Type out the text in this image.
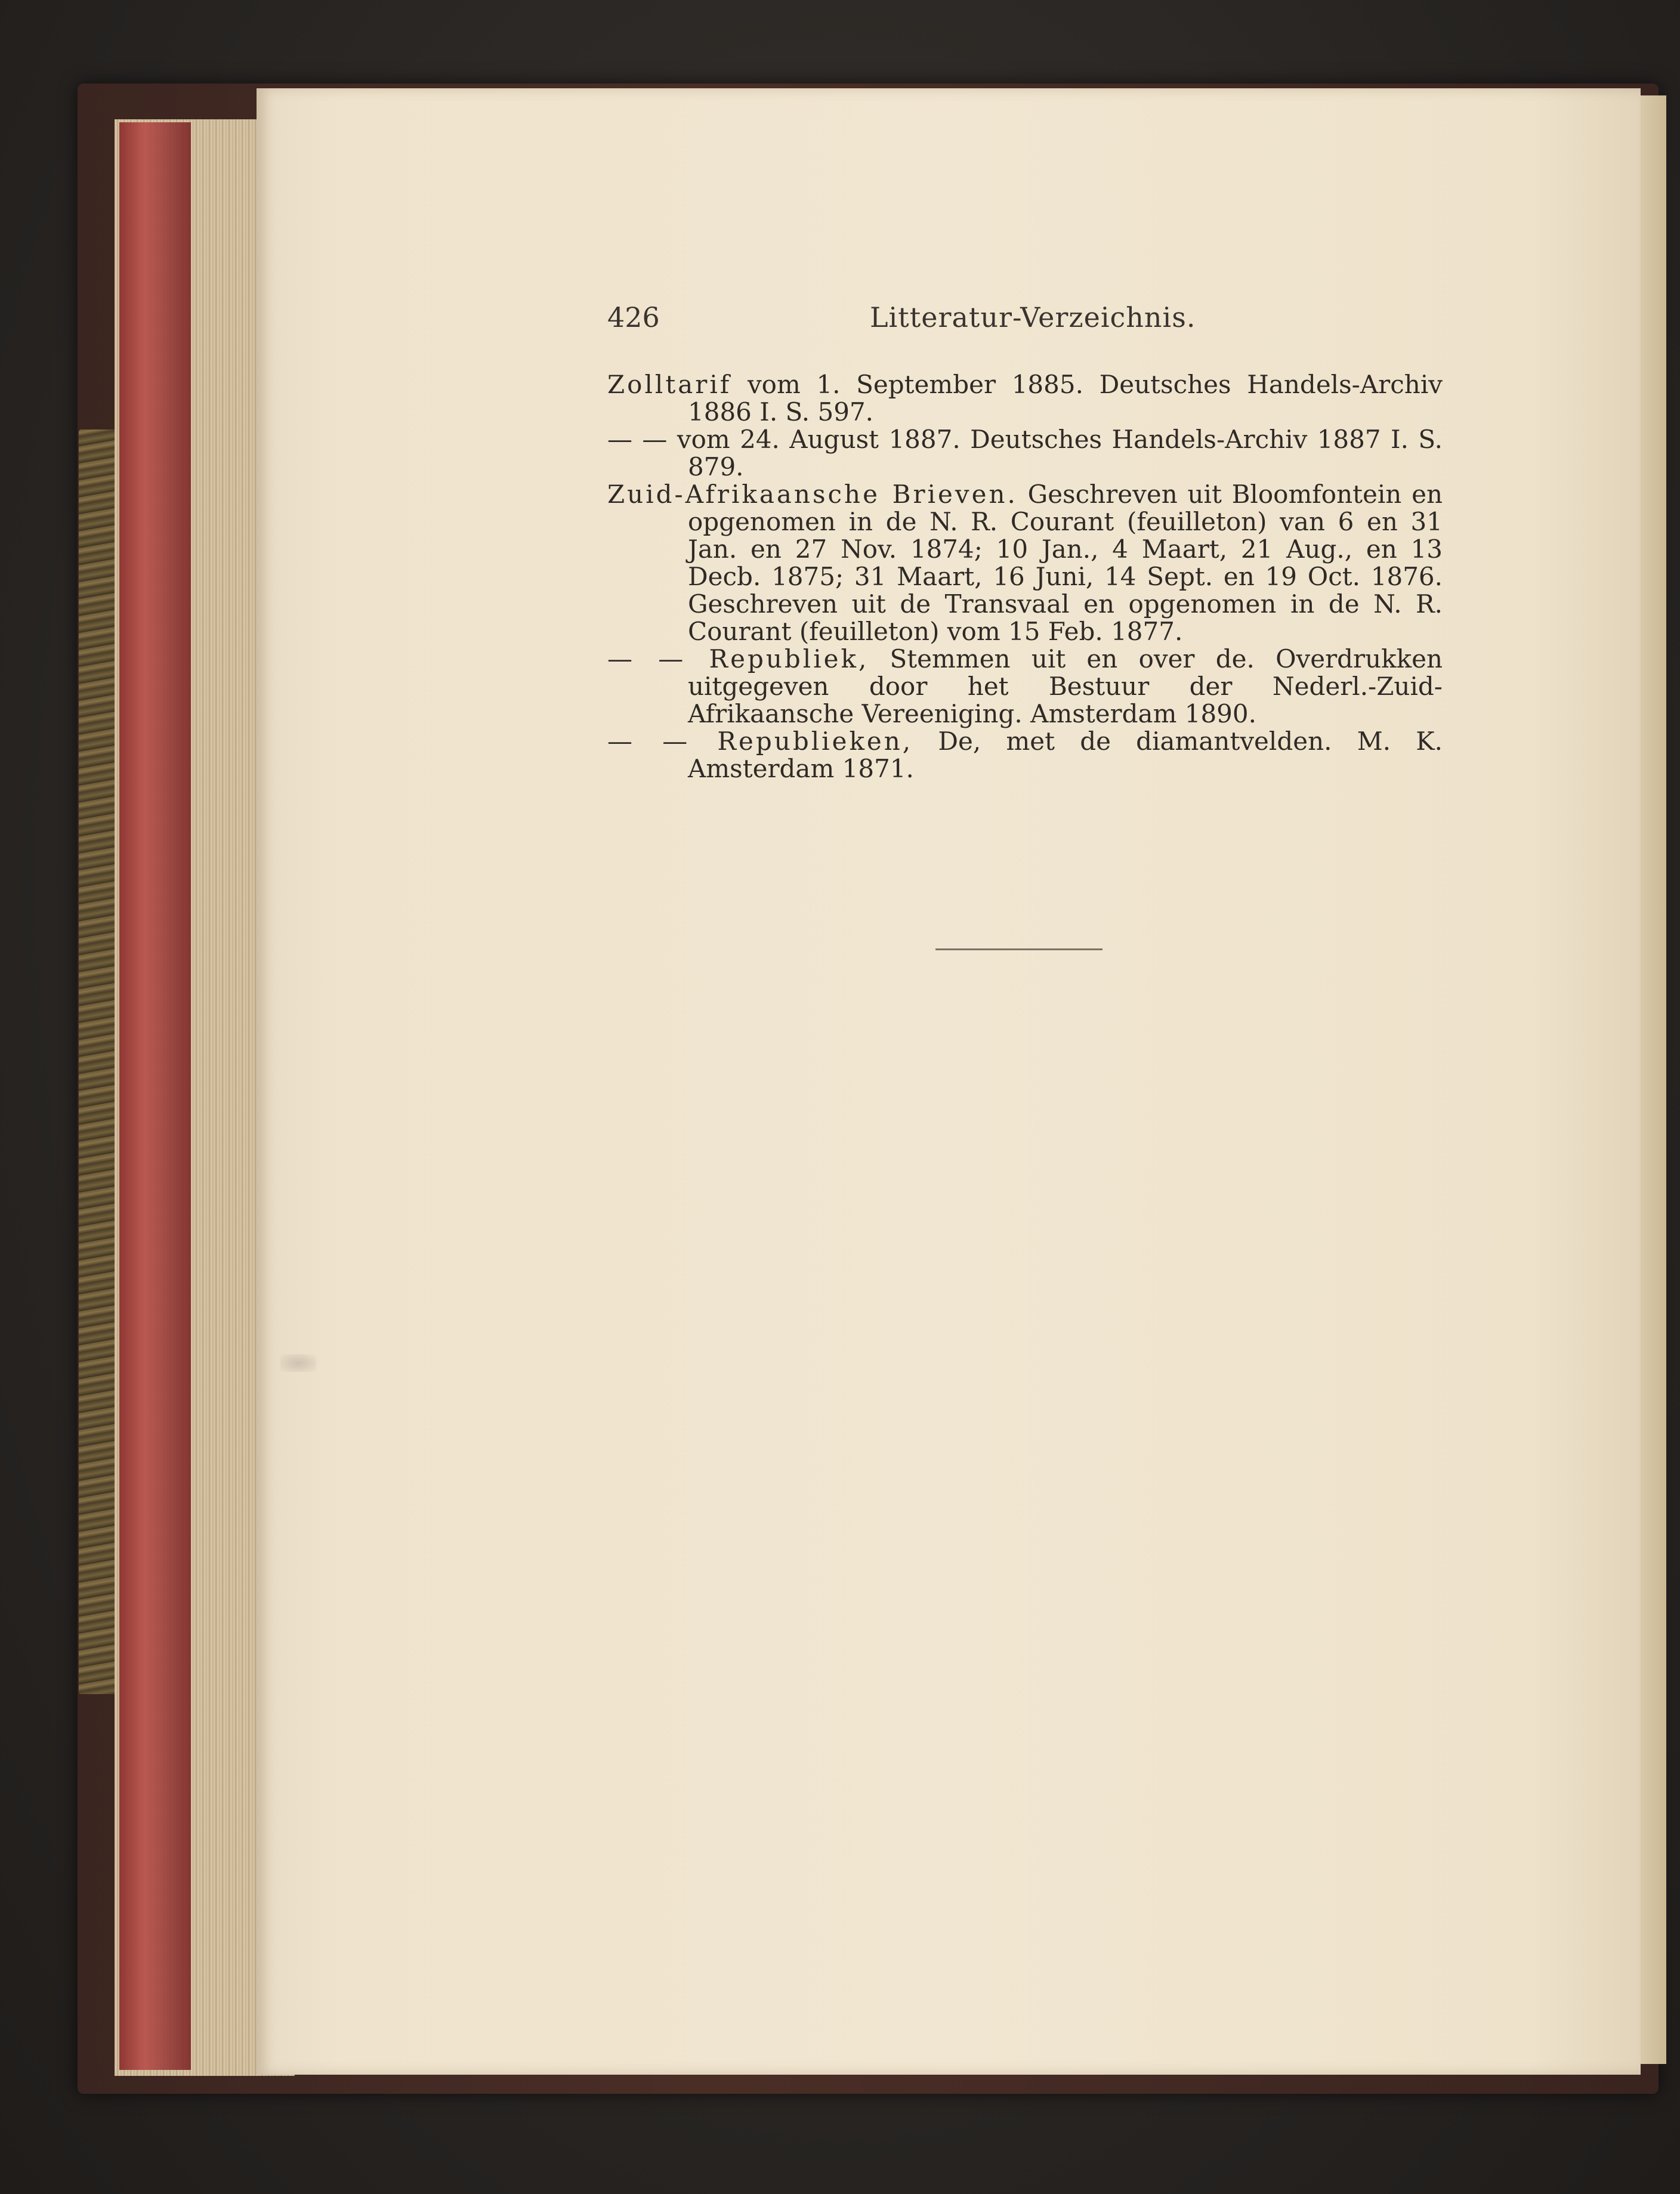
426	Litteratur-Verzeichnis.

Zolltarif vom 1. September 1885. Deutsches Handels-Archiv 1886 I. S. 597.

— — vom 24. August 1887. Deutsches Handels-Archiv 1887 I. S. 879.

Zuid-Afrikaansche Brieven. Geschreven uit Bloomfontein en opgenomen in de N. R. Courant (feuilleton) van 6 en 31 Jan. en 27 Nov. 1874; 10 Jan., 4 Maart, 21 Aug., en 13 Decb. 1875; 31 Maart, 16 Juni, 14 Sept. en 19 Oct. 1876. Geschreven uit de Transvaal en opgenomen in de N. R. Courant (feuilleton) vom 15 Feb. 1877.

— — Republiek, Stemmen uit en over de. Overdrukken uitgegeven door het Bestuur der Nederl.-Zuid-Afrikaansche Vereeniging. Amsterdam 1890.

— — Republieken, De, met de diamantvelden. M. K. Amsterdam 1871.
